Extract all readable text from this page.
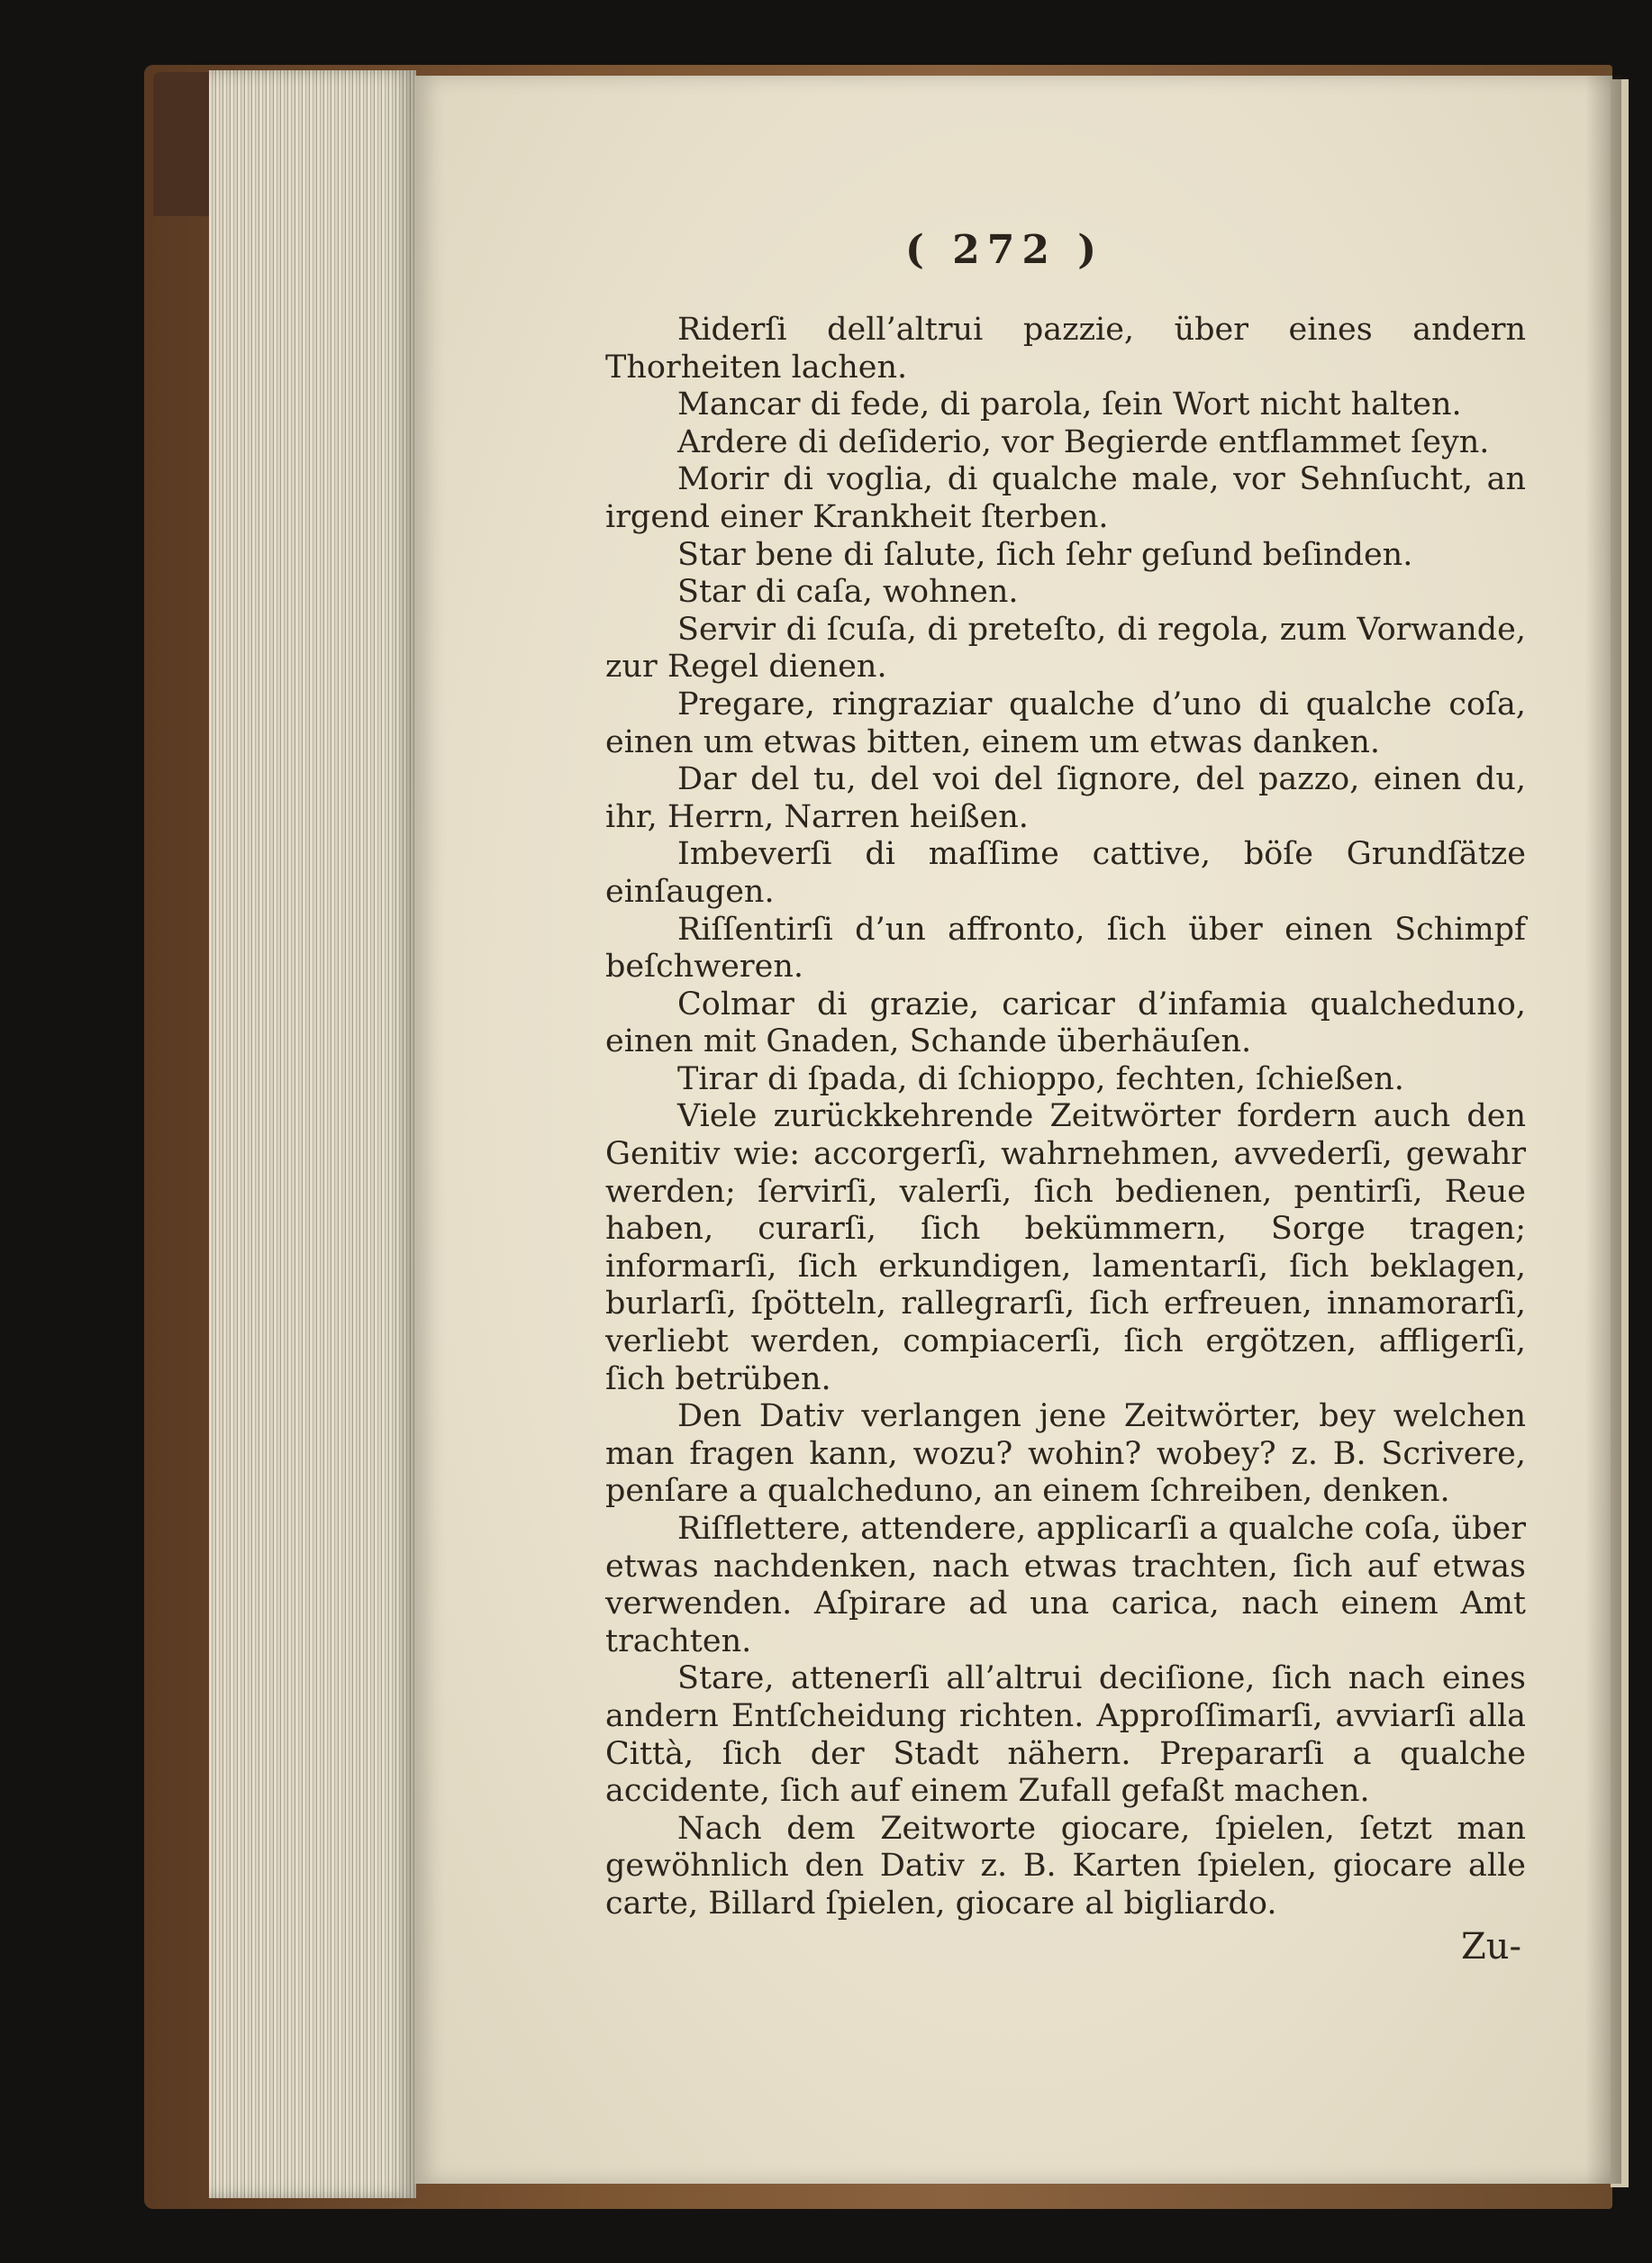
( 272 )

Riderſi dell’altrui pazzie, über eines andern Thorheiten lachen.

Mancar di fede, di parola, ſein Wort nicht halten.

Ardere di deſiderio, vor Begierde entflammet ſeyn.

Morir di voglia, di qualche male, vor Sehnſucht, an irgend einer Krankheit ſterben.

Star bene di ſalute, ſich ſehr geſund beſinden.

Star di caſa, wohnen.

Servir di ſcuſa, di preteſto, di regola, zum Vorwande, zur Regel dienen.

Pregare, ringraziar qualche d’uno di qualche coſa, einen um etwas bitten, einem um etwas danken.

Dar del tu, del voi del ſignore, del pazzo, einen du, ihr, Herrn, Narren heißen.

Imbeverſi di maſſime cattive, böſe Grundſätze einſaugen.

Riſſentirſi d’un affronto, ſich über einen Schimpf beſchweren.

Colmar di grazie, caricar d’infamia qualcheduno, einen mit Gnaden, Schande überhäuſen.

Tirar di ſpada, di ſchioppo, fechten, ſchießen.

Viele zurückkehrende Zeitwörter fordern auch den Genitiv wie: accorgerſi, wahrnehmen, avvederſi, gewahr werden; ſervirſi, valerſi, ſich bedienen, pentirſi, Reue haben, curarſi, ſich bekümmern, Sorge tragen; informarſi, ſich erkundigen, lamentarſi, ſich beklagen, burlarſi, ſpötteln, rallegrarſi, ſich erfreuen, innamorarſi, verliebt werden, compiacerſi, ſich ergötzen, affligerſi, ſich betrüben.

Den Dativ verlangen jene Zeitwörter, bey welchen man fragen kann, wozu? wohin? wobey? z. B. Scrivere, penſare a qualcheduno, an einem ſchreiben, denken.

Riſflettere, attendere, applicarſi a qualche coſa, über etwas nachdenken, nach etwas trachten, ſich auf etwas verwenden. Aſpirare ad una carica, nach einem Amt trachten.

Stare, attenerſi all’altrui deciſione, ſich nach eines andern Entſcheidung richten. Approſſimarſi, avviarſi alla Città, ſich der Stadt nähern. Prepararſi a qualche accidente, ſich auf einem Zufall gefaßt machen.

Nach dem Zeitworte giocare, ſpielen, ſetzt man gewöhnlich den Dativ z. B. Karten ſpielen, giocare alle carte, Billard ſpielen, giocare al bigliardo.

Zu-
